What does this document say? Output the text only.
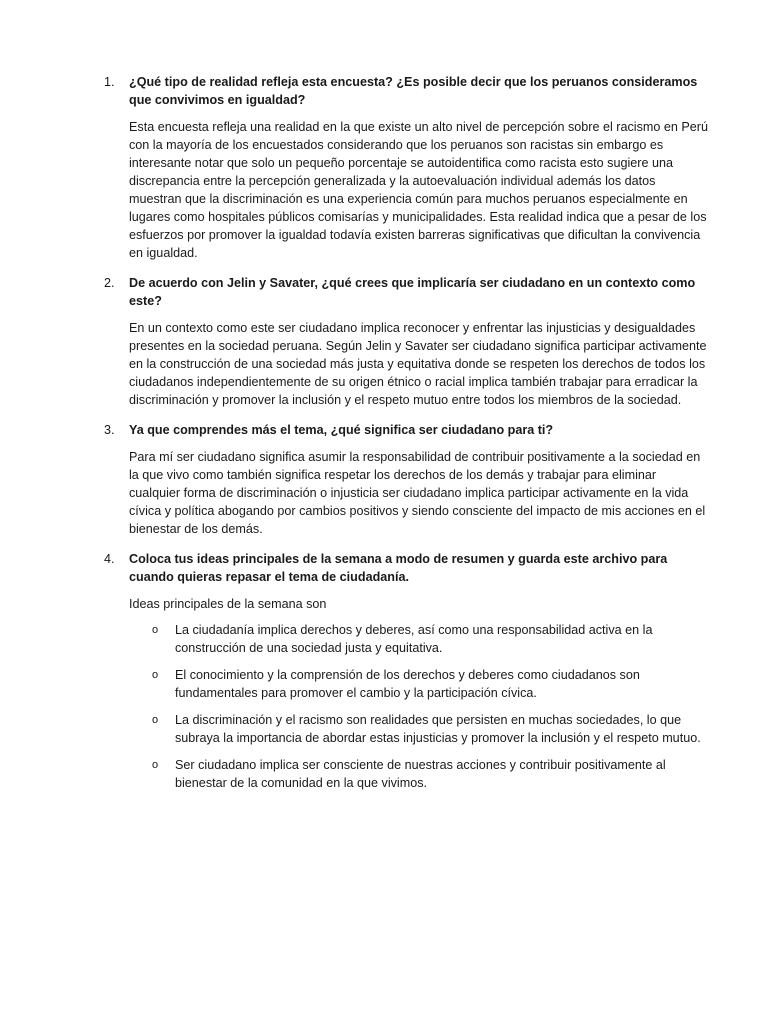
1.	¿Qué tipo de realidad refleja esta encuesta? ¿Es posible decir que los peruanos consideramos que convivimos en igualdad?

Esta encuesta refleja una realidad en la que existe un alto nivel de percepción sobre el racismo en Perú con la mayoría de los encuestados considerando que los peruanos son racistas sin embargo es interesante notar que solo un pequeño porcentaje se autoidentifica como racista esto sugiere una discrepancia entre la percepción generalizada y la autoevaluación individual además los datos muestran que la discriminación es una experiencia común para muchos peruanos especialmente en lugares como hospitales públicos comisarías y municipalidades. Esta realidad indica que a pesar de los esfuerzos por promover la igualdad todavía existen barreras significativas que dificultan la convivencia en igualdad.

2.	De acuerdo con Jelin y Savater, ¿qué crees que implicaría ser ciudadano en un contexto como este?

En un contexto como este ser ciudadano implica reconocer y enfrentar las injusticias y desigualdades presentes en la sociedad peruana. Según Jelin y Savater ser ciudadano significa participar activamente en la construcción de una sociedad más justa y equitativa donde se respeten los derechos de todos los ciudadanos independientemente de su origen étnico o racial implica también trabajar para erradicar la discriminación y promover la inclusión y el respeto mutuo entre todos los miembros de la sociedad.

3.	Ya que comprendes más el tema, ¿qué significa ser ciudadano para ti?

Para mí ser ciudadano significa asumir la responsabilidad de contribuir positivamente a la sociedad en la que vivo como también significa respetar los derechos de los demás y trabajar para eliminar cualquier forma de discriminación o injusticia ser ciudadano implica participar activamente en la vida cívica y política abogando por cambios positivos y siendo consciente del impacto de mis acciones en el bienestar de los demás.

4.	Coloca tus ideas principales de la semana a modo de resumen y guarda este archivo para cuando quieras repasar el tema de ciudadanía.

Ideas principales de la semana son

o	La ciudadanía implica derechos y deberes, así como una responsabilidad activa en la construcción de una sociedad justa y equitativa.
o	El conocimiento y la comprensión de los derechos y deberes como ciudadanos son fundamentales para promover el cambio y la participación cívica.
o	La discriminación y el racismo son realidades que persisten en muchas sociedades, lo que subraya la importancia de abordar estas injusticias y promover la inclusión y el respeto mutuo.
o	Ser ciudadano implica ser consciente de nuestras acciones y contribuir positivamente al bienestar de la comunidad en la que vivimos.
